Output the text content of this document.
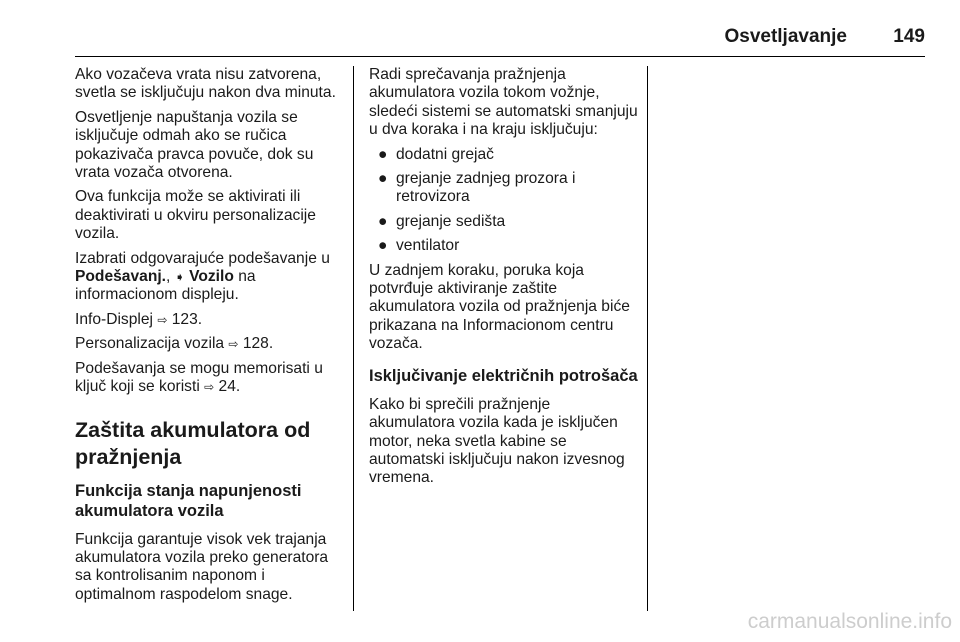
Osvetljavanje 149

Ako vozačeva vrata nisu zatvorena, svetla se isključuju nakon dva minuta.

Osvetljenje napuštanja vozila se isključuje odmah ako se ručica pokazivača pravca povuče, dok su vrata vozača otvorena.

Ova funkcija može se aktivirati ili deaktivirati u okviru personalizacije vozila.

Izabrati odgovarajuće podešavanje u Podešavanj., ➧ Vozilo na informacionom displeju.

Info-Displej ⇨ 123.

Personalizacija vozila ⇨ 128.

Podešavanja se mogu memorisati u ključ koji se koristi ⇨ 24.

Zaštita akumulatora od pražnjenja
Funkcija stanja napunjenosti akumulatora vozila

Funkcija garantuje visok vek trajanja akumulatora vozila preko generatora sa kontrolisanim naponom i optimalnom raspodelom snage.

Radi sprečavanja pražnjenja akumulatora vozila tokom vožnje, sledeći sistemi se automatski smanjuju u dva koraka i na kraju isključuju:

● dodatni grejač
● grejanje zadnjeg prozora i retrovizora
● grejanje sedišta
● ventilator

U zadnjem koraku, poruka koja potvrđuje aktiviranje zaštite akumulatora vozila od pražnjenja biće prikazana na Informacionom centru vozača.

Isključivanje električnih potrošača

Kako bi sprečili pražnjenje akumulatora vozila kada je isključen motor, neka svetla kabine se automatski isključuju nakon izvesnog vremena.

carmanualsonline.info
